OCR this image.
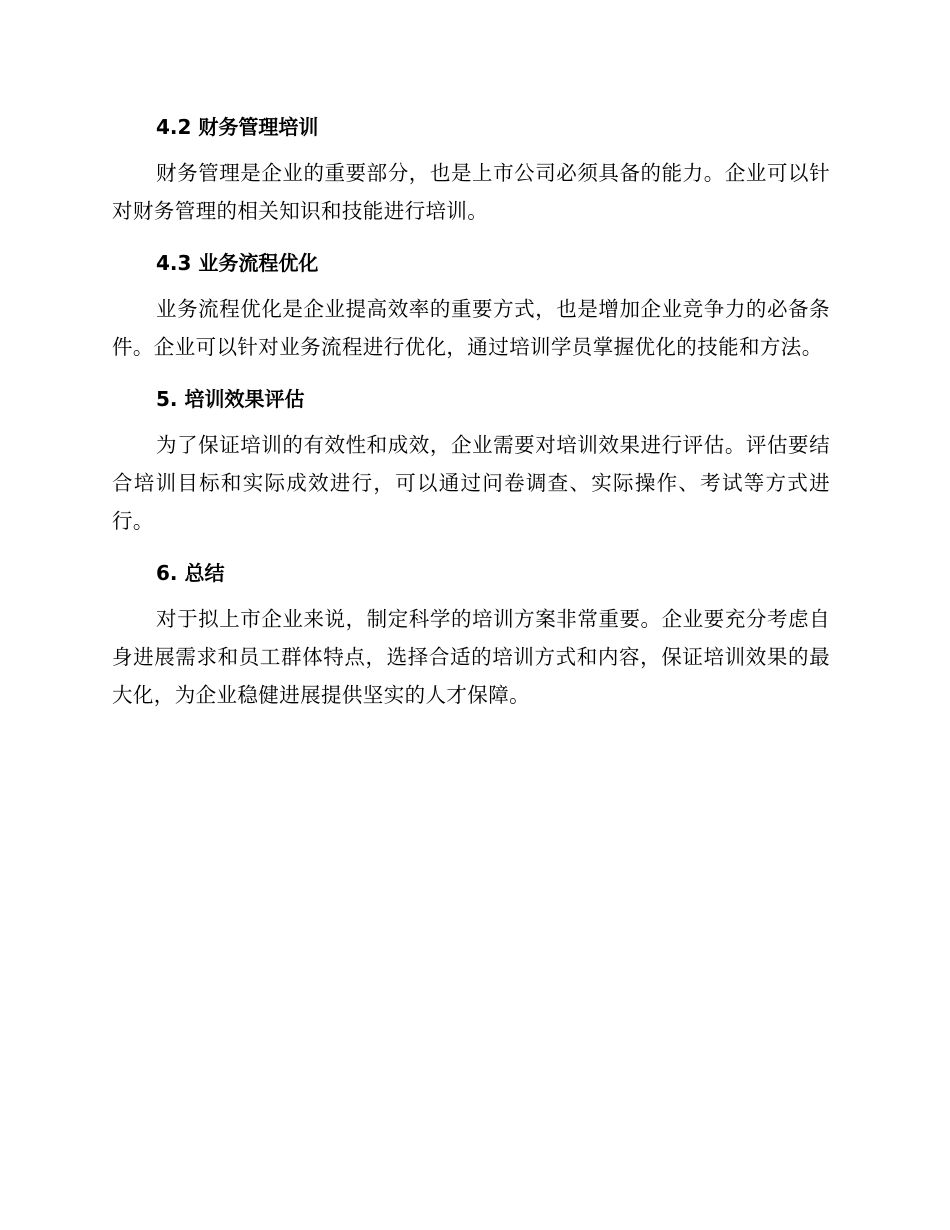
4.2 财务管理培训

财务管理是企业的重要部分，也是上市公司必须具备的能力。企业可以针对财务管理的相关知识和技能进行培训。

4.3 业务流程优化

业务流程优化是企业提高效率的重要方式，也是增加企业竞争力的必备条件。企业可以针对业务流程进行优化，通过培训学员掌握优化的技能和方法。

5. 培训效果评估

为了保证培训的有效性和成效，企业需要对培训效果进行评估。评估要结合培训目标和实际成效进行，可以通过问卷调查、实际操作、考试等方式进行。

6. 总结

对于拟上市企业来说，制定科学的培训方案非常重要。企业要充分考虑自身进展需求和员工群体特点，选择合适的培训方式和内容，保证培训效果的最大化，为企业稳健进展提供坚实的人才保障。
